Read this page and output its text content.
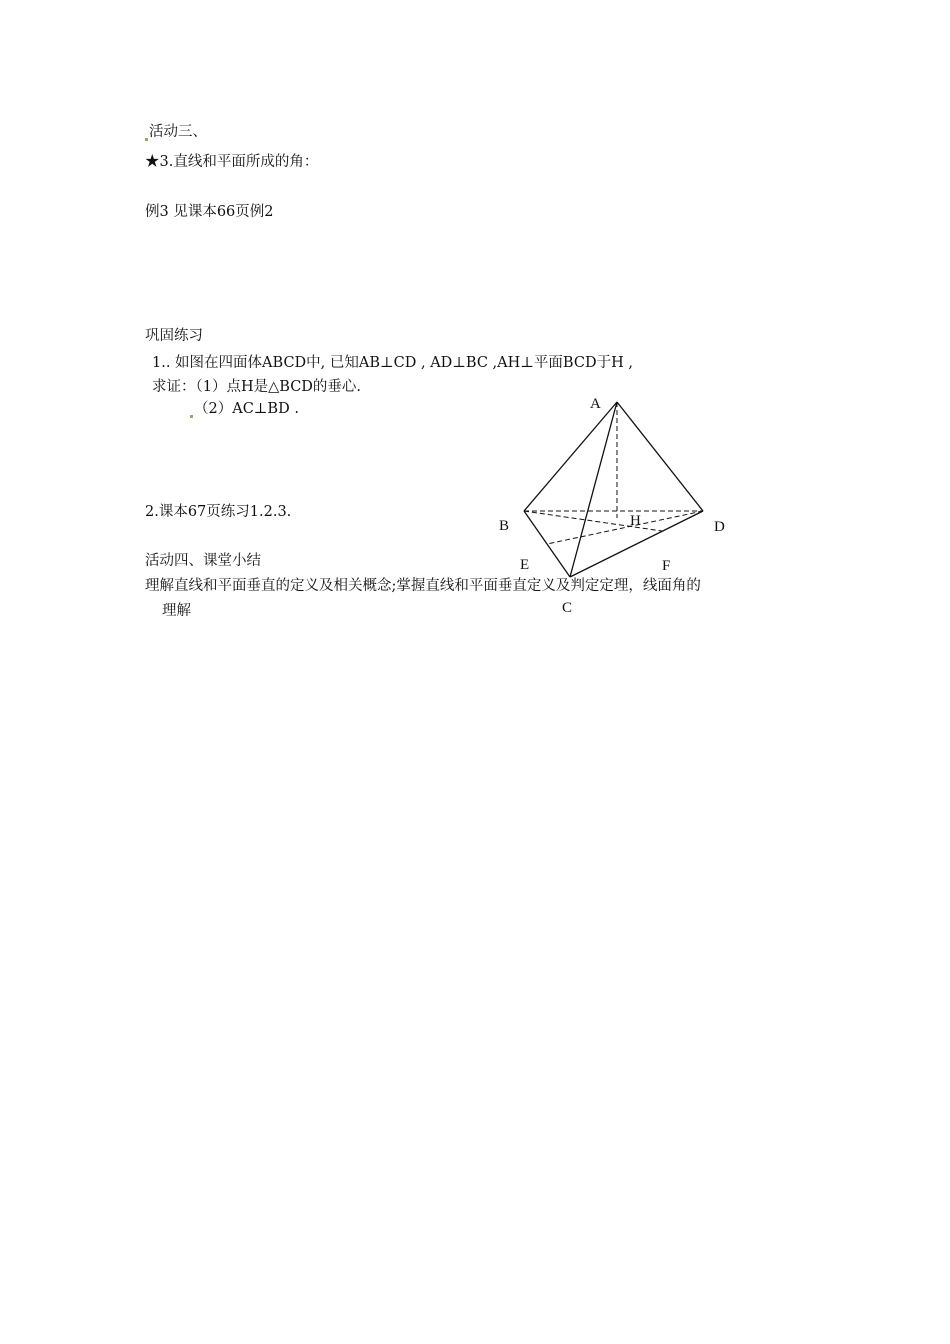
活动三、
★3.直线和平面所成的角：
例3 见课本66页例2
巩固练习
1.. 如图在四面体ABCD中, 已知AB⊥CD , AD⊥BC ,AH⊥平面BCD于H ,
求证：（1）点H是△BCD的垂心.
（2）AC⊥BD .
2.课本67页练习1.2.3.
活动四、课堂小结
理解直线和平面垂直的定义及相关概念;掌握直线和平面垂直定义及判定定理，线面角的
理解
A
B	D
H
E	F
C
